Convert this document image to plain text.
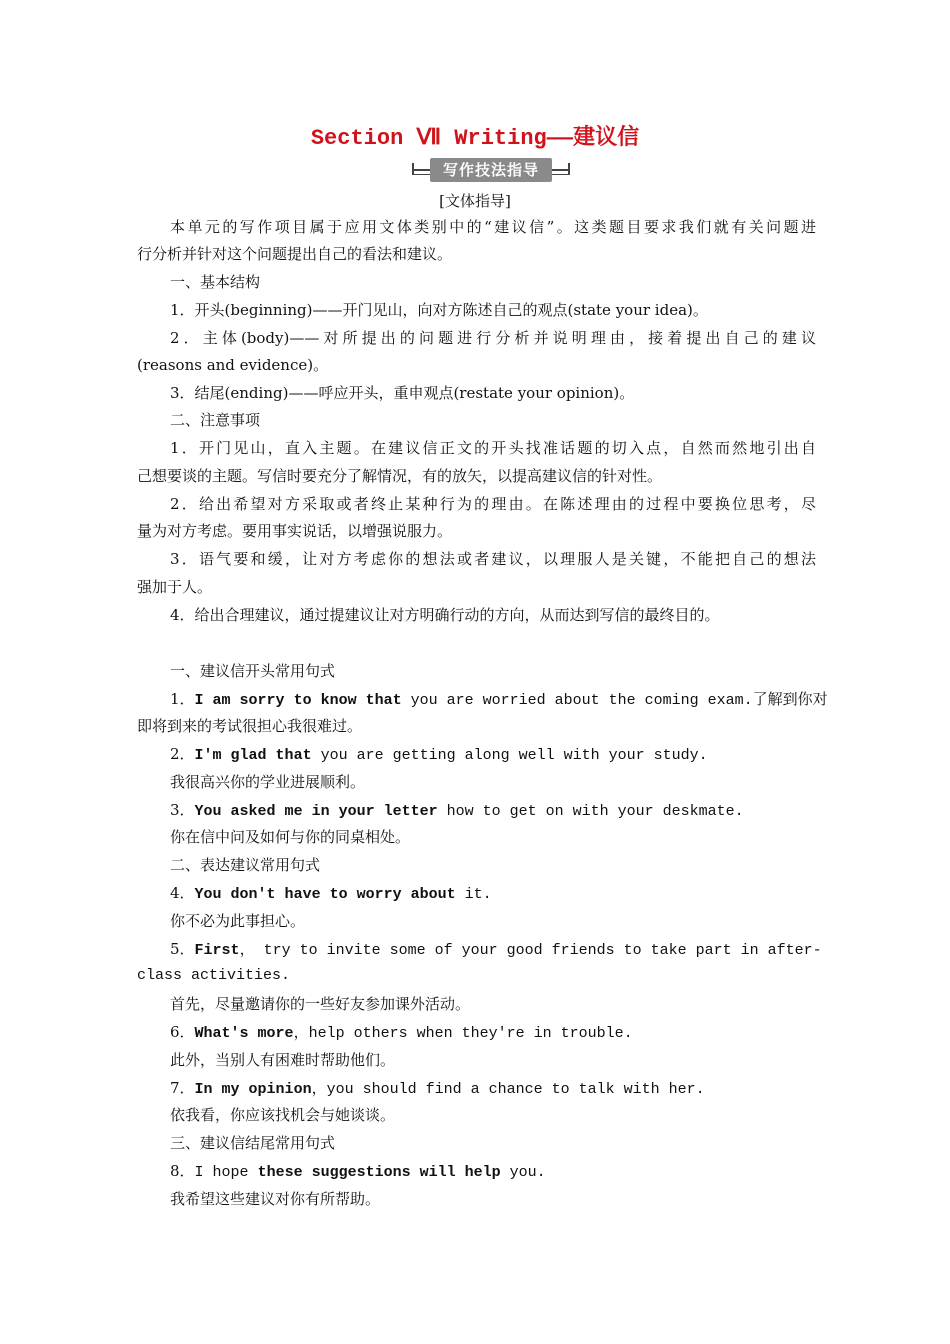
Section Ⅶ Writing——建议信
写作技法指导
[文体指导]
本单元的写作项目属于应用文体类别中的“建议信”。这类题目要求我们就有关问题进
行分析并针对这个问题提出自己的看法和建议。
一、基本结构
1．开头(beginning)——开门见山，向对方陈述自己的观点(state your idea)。
2．主体(body)——对所提出的问题进行分析并说明理由，接着提出自己的建议
(reasons and evidence)。
3．结尾(ending)——呼应开头，重申观点(restate your opinion)。
二、注意事项
1．开门见山，直入主题。在建议信正文的开头找准话题的切入点，自然而然地引出自
己想要谈的主题。写信时要充分了解情况，有的放矢，以提高建议信的针对性。
2．给出希望对方采取或者终止某种行为的理由。在陈述理由的过程中要换位思考，尽
量为对方考虑。要用事实说话，以增强说服力。
3．语气要和缓，让对方考虑你的想法或者建议，以理服人是关键，不能把自己的想法
强加于人。
4．给出合理建议，通过提建议让对方明确行动的方向，从而达到写信的最终目的。
一、建议信开头常用句式
1．I am sorry to know that you are worried about the coming exam.了解到你对
即将到来的考试很担心我很难过。
2．I'm glad that you are getting along well with your study.
我很高兴你的学业进展顺利。
3．You asked me in your letter how to get on with your deskmate.
你在信中问及如何与你的同桌相处。
二、表达建议常用句式
4．You don't have to worry about it.
你不必为此事担心。
5．First， try to invite some of your good friends to take part in after-
class activities.
首先，尽量邀请你的一些好友参加课外活动。
6．What's more，help others when they're in trouble.
此外，当别人有困难时帮助他们。
7．In my opinion，you should find a chance to talk with her.
依我看，你应该找机会与她谈谈。
三、建议信结尾常用句式
8．I hope these suggestions will help you.
我希望这些建议对你有所帮助。
